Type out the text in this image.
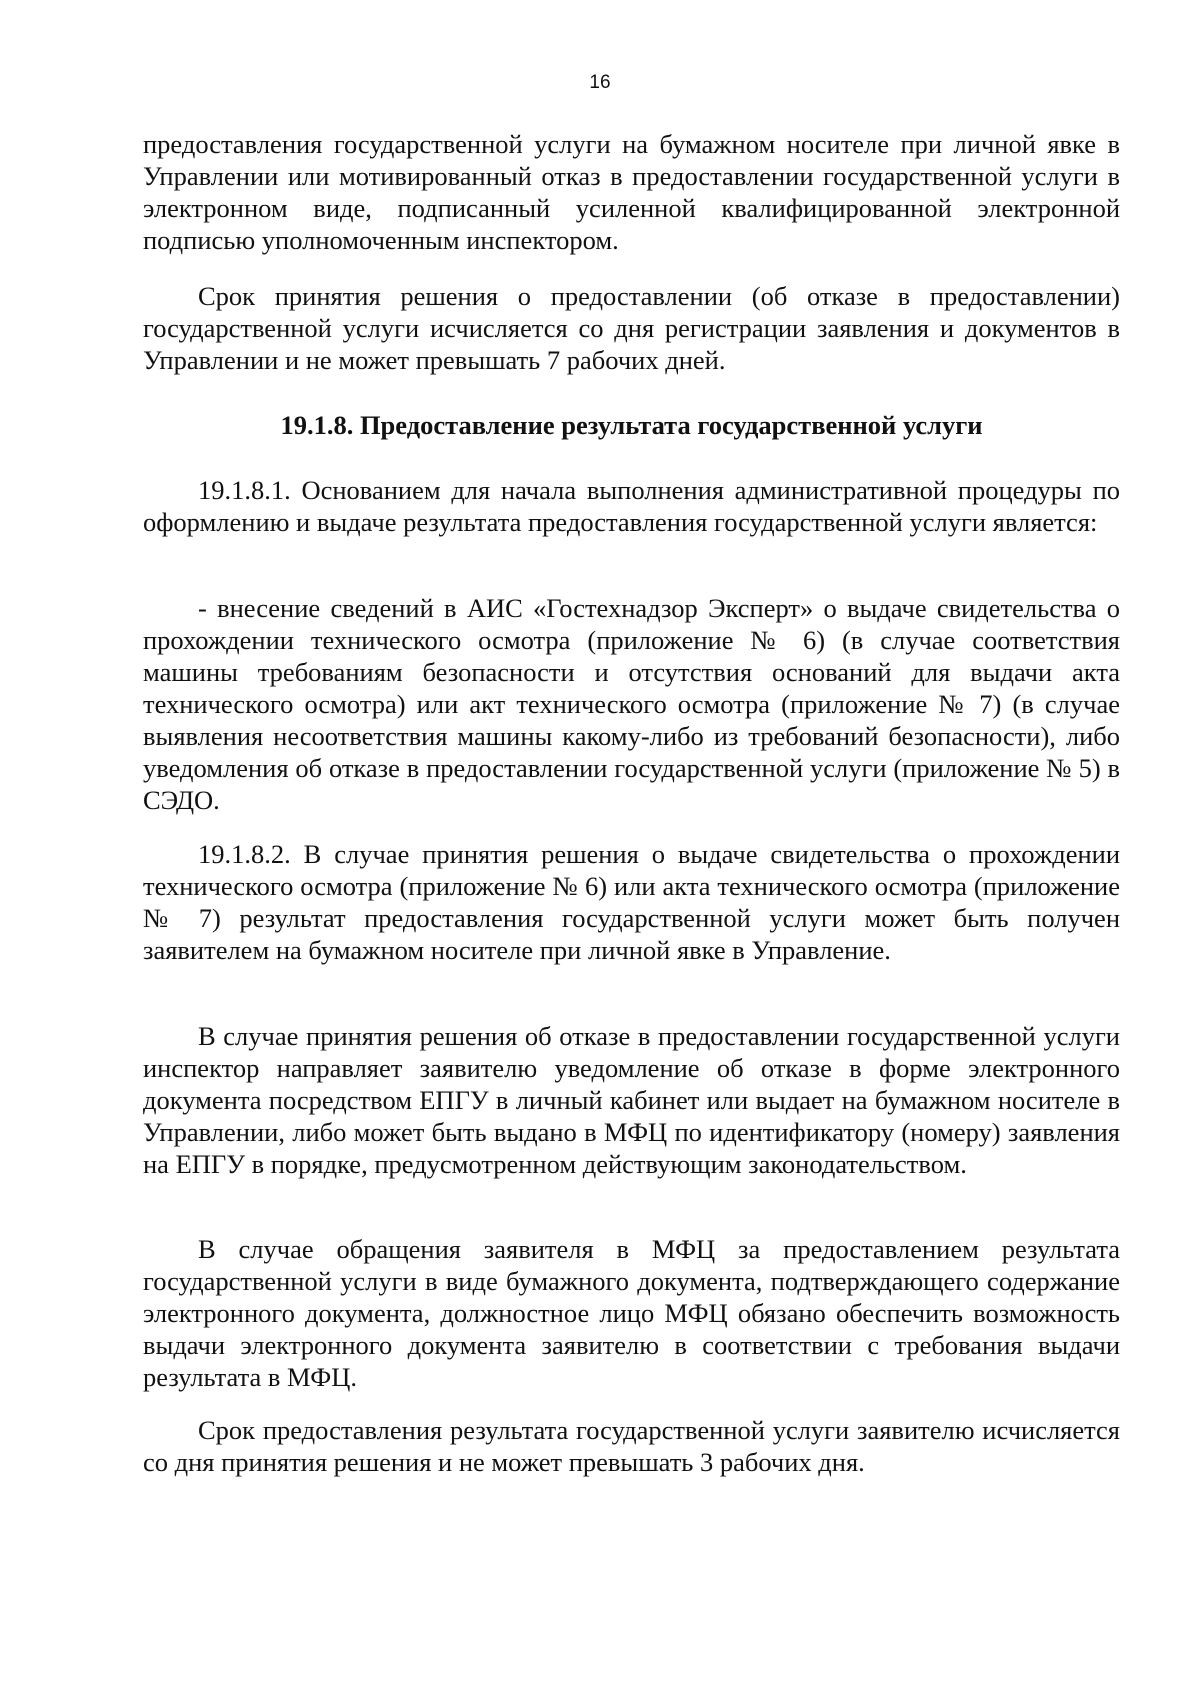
16

предоставления государственной услуги на бумажном носителе при личной явке в Управлении или мотивированный отказ в предоставлении государственной услуги в электронном виде, подписанный усиленной квалифицированной электронной подписью уполномоченным инспектором.

Срок принятия решения о предоставлении (об отказе в предоставлении) государственной услуги исчисляется со дня регистрации заявления и документов в Управлении и не может превышать 7 рабочих дней.

19.1.8. Предоставление результата государственной услуги

19.1.8.1. Основанием для начала выполнения административной процедуры по оформлению и выдаче результата предоставления государственной услуги является:

- внесение сведений в АИС «Гостехнадзор Эксперт» о выдаче свидетельства о прохождении технического осмотра (приложение № 6) (в случае соответствия машины требованиям безопасности и отсутствия оснований для выдачи акта технического осмотра) или акт технического осмотра (приложение № 7) (в случае выявления несоответствия машины какому-либо из требований безопасности), либо уведомления об отказе в предоставлении государственной услуги (приложение № 5) в СЭДО.

19.1.8.2. В случае принятия решения о выдаче свидетельства о прохождении технического осмотра (приложение № 6) или акта технического осмотра (приложение № 7) результат предоставления государственной услуги может быть получен заявителем на бумажном носителе при личной явке в Управление.

В случае принятия решения об отказе в предоставлении государственной услуги инспектор направляет заявителю уведомление об отказе в форме электронного документа посредством ЕПГУ в личный кабинет или выдает на бумажном носителе в Управлении, либо может быть выдано в МФЦ по идентификатору (номеру) заявления на ЕПГУ в порядке, предусмотренном действующим законодательством.

В случае обращения заявителя в МФЦ за предоставлением результата государственной услуги в виде бумажного документа, подтверждающего содержание электронного документа, должностное лицо МФЦ обязано обеспечить возможность выдачи электронного документа заявителю в соответствии с требования выдачи результата в МФЦ.

Срок предоставления результата государственной услуги заявителю исчисляется со дня принятия решения и не может превышать 3 рабочих дня.
